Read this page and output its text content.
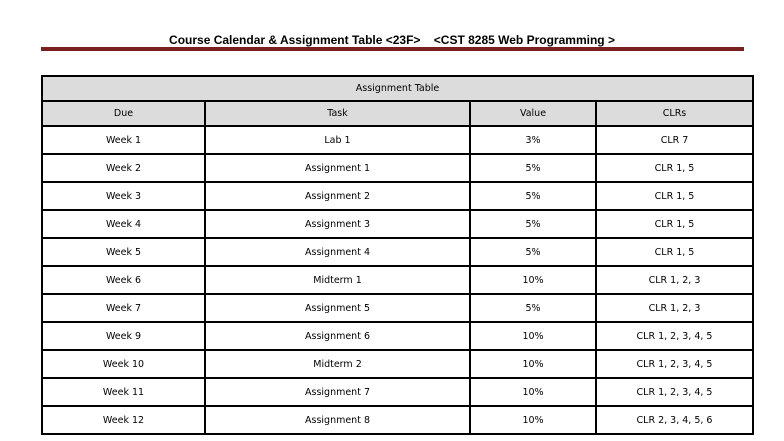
Course Calendar & Assignment Table <23F>    <CST 8285 Web Programming >
Assignment Table			
Due	Task	Value	CLRs
Week 1	Lab 1	3%	CLR 7
Week 2	Assignment 1	5%	CLR 1, 5
Week 3	Assignment 2	5%	CLR 1, 5
Week 4	Assignment 3	5%	CLR 1, 5
Week 5	Assignment 4	5%	CLR 1, 5
Week 6	Midterm 1	10%	CLR 1, 2, 3
Week 7	Assignment 5	5%	CLR 1, 2, 3
Week 9	Assignment 6	10%	CLR 1, 2, 3, 4, 5
Week 10	Midterm 2	10%	CLR 1, 2, 3, 4, 5
Week 11	Assignment 7	10%	CLR 1, 2, 3, 4, 5
Week 12	Assignment 8	10%	CLR 2, 3, 4, 5, 6
